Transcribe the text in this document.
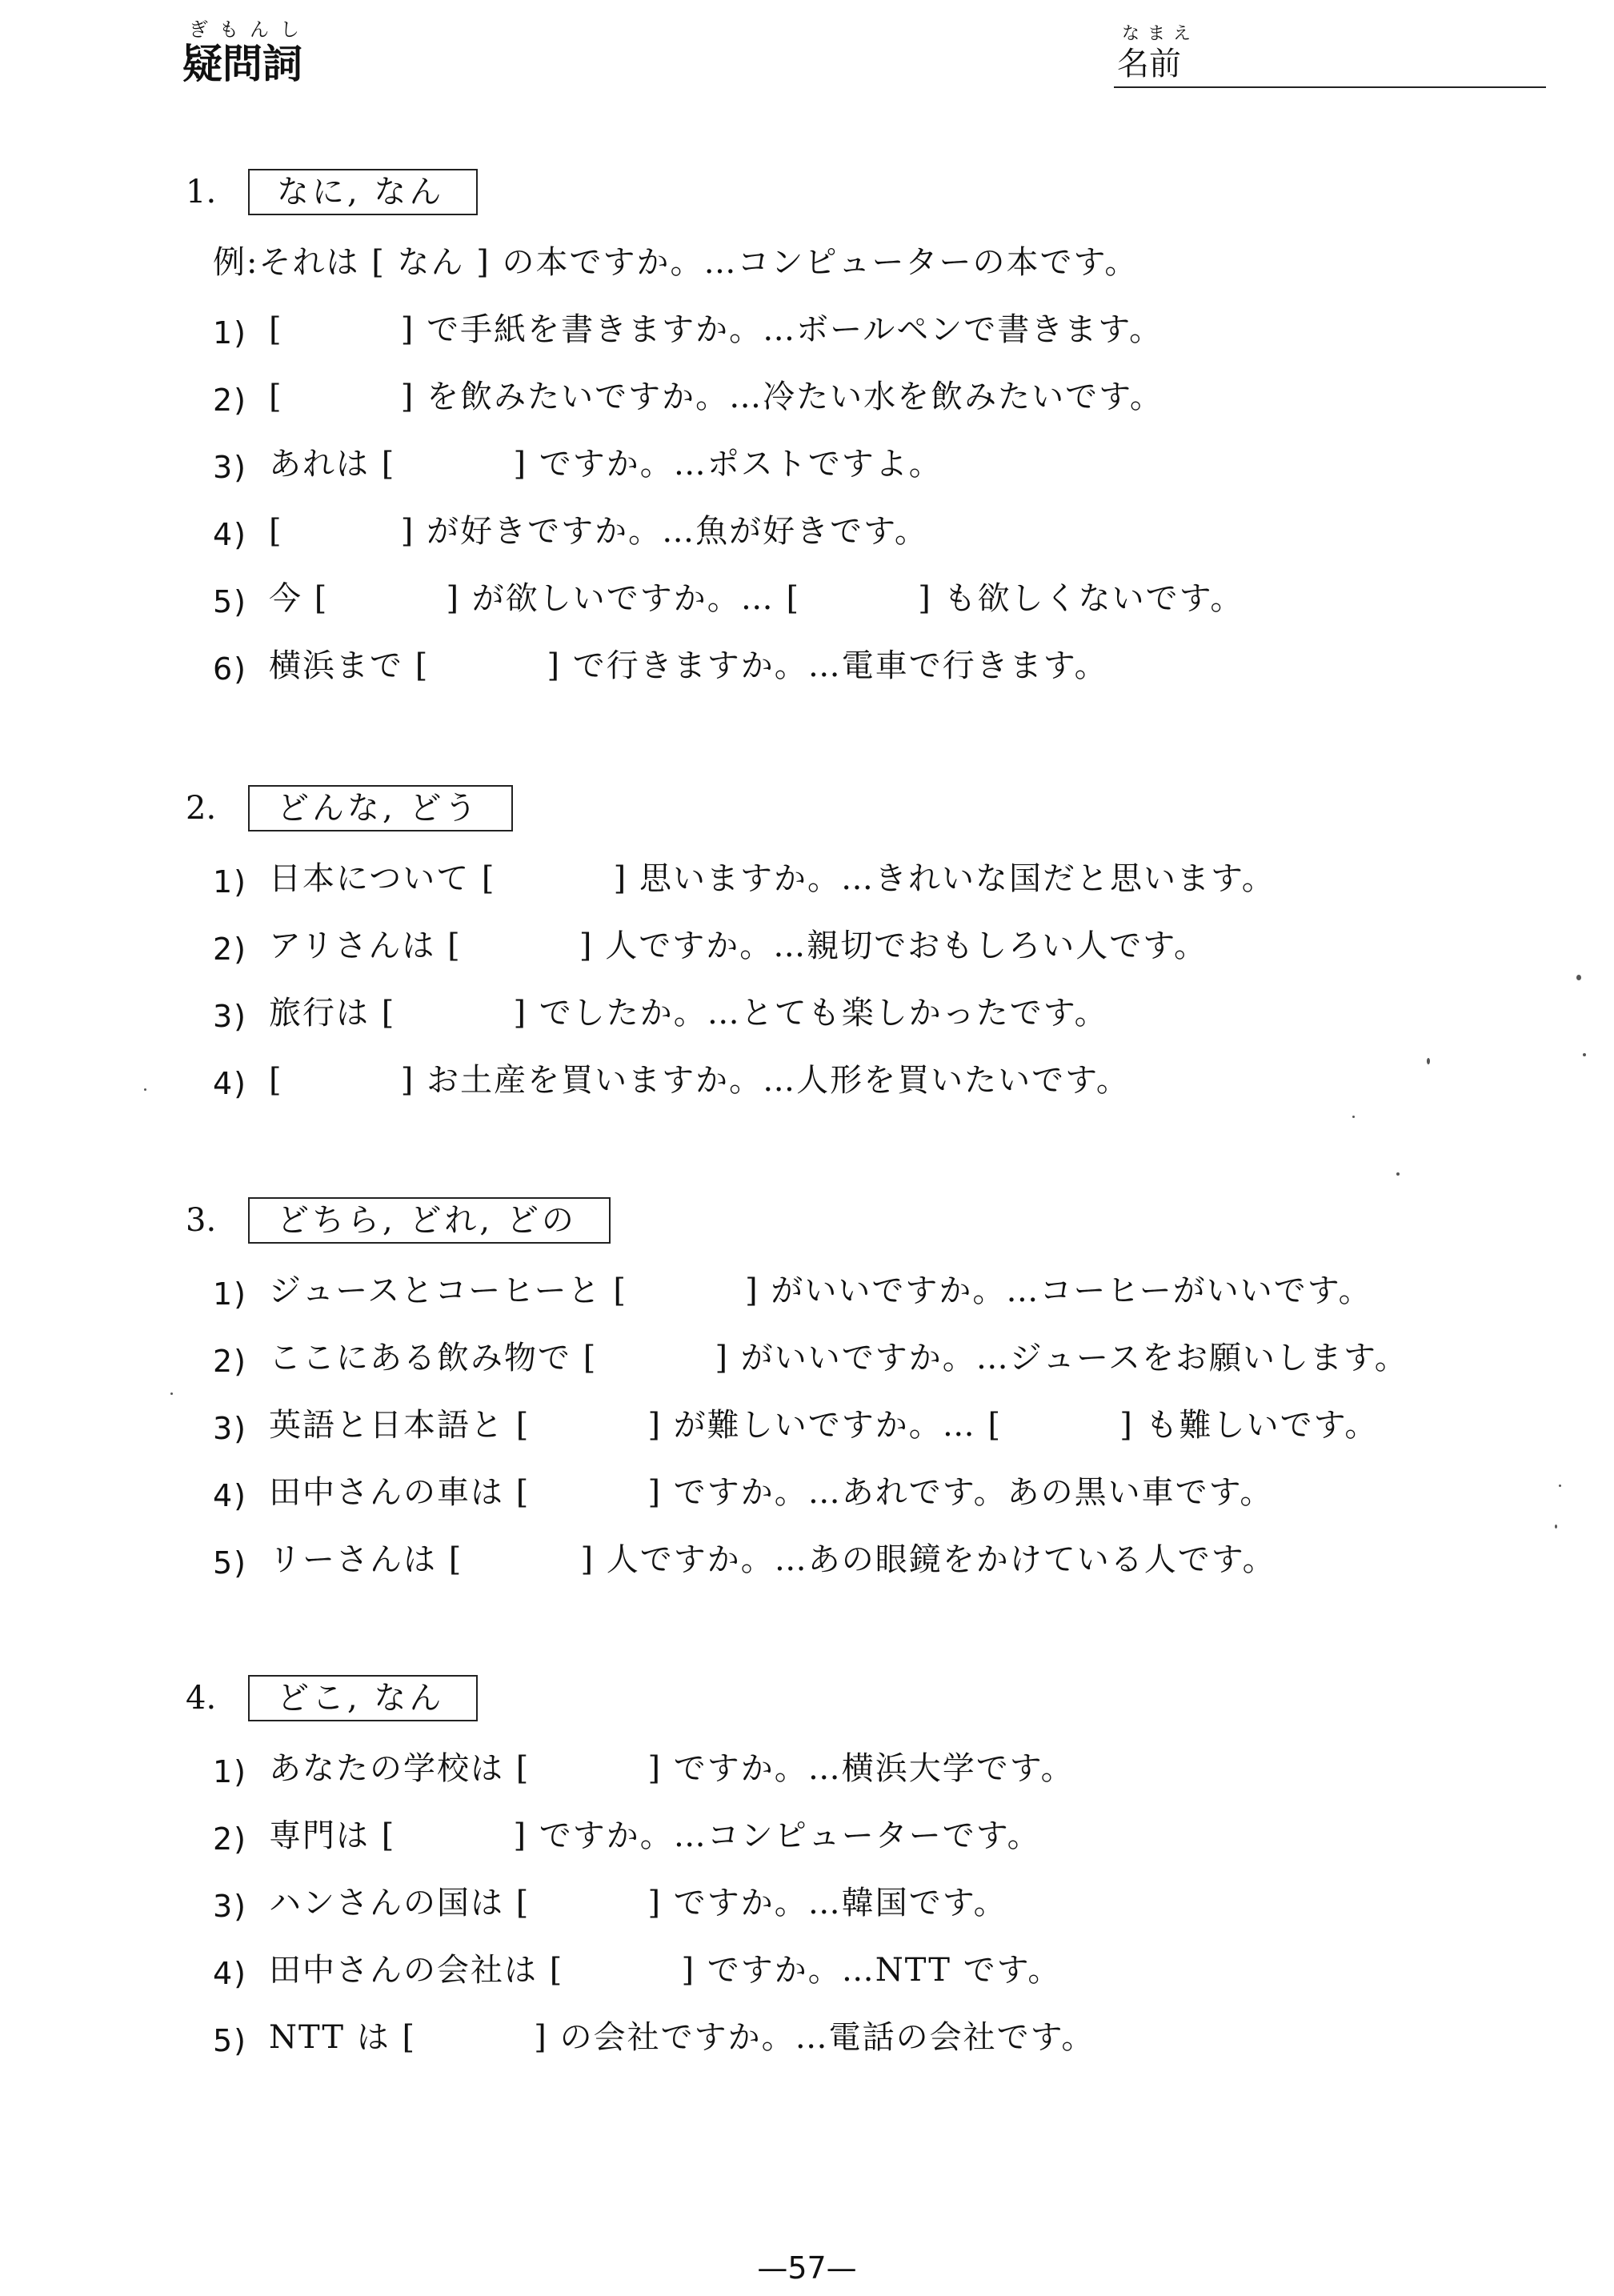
ぎもんし
疑問詞
なまえ
名前
1.	なに, なん
例:それは [ なん ] の本ですか。…コンピューターの本です。
1) [          ] で手紙を書きますか。…ボールペンで書きます。
2) [          ] を飲みたいですか。…冷たい水を飲みたいです。
3) あれは [          ] ですか。…ポストですよ。
4) [          ] が好きですか。…魚が好きです。
5) 今 [          ] が欲しいですか。… [          ] も欲しくないです。
6) 横浜まで [          ] で行きますか。…電車で行きます。
2.	どんな, どう
1) 日本について [          ] 思いますか。…きれいな国だと思います。
2) アリさんは [          ] 人ですか。…親切でおもしろい人です。
3) 旅行は [          ] でしたか。…とても楽しかったです。
4) [          ] お土産を買いますか。…人形を買いたいです。
3.	どちら, どれ, どの
1) ジュースとコーヒーと [          ] がいいですか。…コーヒーがいいです。
2) ここにある飲み物で [          ] がいいですか。…ジュースをお願いします。
3) 英語と日本語と [          ] が難しいですか。… [          ] も難しいです。
4) 田中さんの車は [          ] ですか。…あれです。あの黒い車です。
5) リーさんは [          ] 人ですか。…あの眼鏡をかけている人です。
4.	どこ, なん
1) あなたの学校は [          ] ですか。…横浜大学です。
2) 専門は [          ] ですか。…コンピューターです。
3) ハンさんの国は [          ] ですか。…韓国です。
4) 田中さんの会社は [          ] ですか。…NTT です。
5) NTT は [          ] の会社ですか。…電話の会社です。
—57—
